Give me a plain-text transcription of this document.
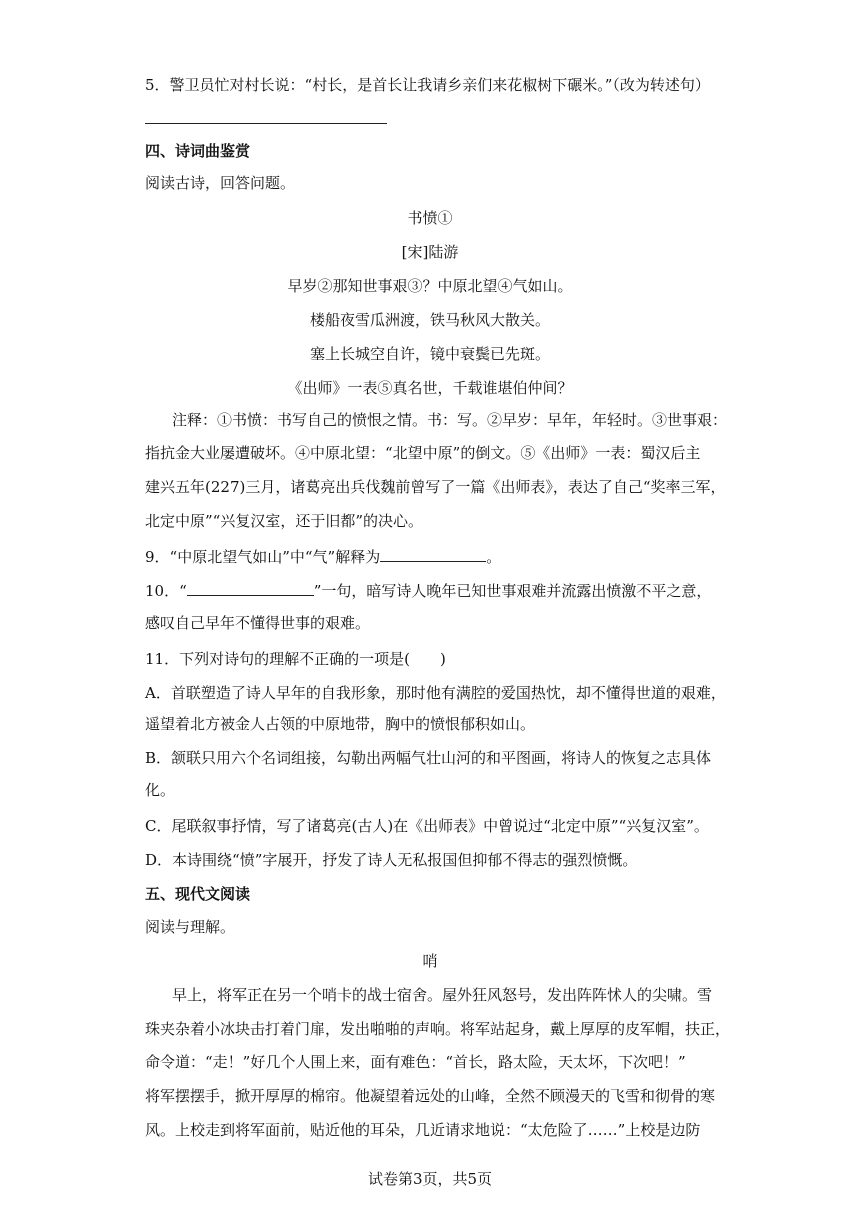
5．警卫员忙对村长说：“村长，是首长让我请乡亲们来花椒树下碾米。”（改为转述句）
四、诗词曲鉴赏
阅读古诗，回答问题。
书愤①
[宋]陆游
早岁②那知世事艰③？中原北望④气如山。
楼船夜雪瓜洲渡，铁马秋风大散关。
塞上长城空自许，镜中衰鬓已先斑。
《出师》一表⑤真名世，千载谁堪伯仲间？
注释：①书愤：书写自己的愤恨之情。书：写。②早岁：早年，年轻时。③世事艰：
指抗金大业屡遭破坏。④中原北望：“北望中原”的倒文。⑤《出师》一表：蜀汉后主
建兴五年(227)三月，诸葛亮出兵伐魏前曾写了一篇《出师表》，表达了自己“奖率三军，
北定中原”“兴复汉室，还于旧都”的决心。
9．“中原北望气如山”中“气”解释为	。
10．“	”一句，暗写诗人晚年已知世事艰难并流露出愤激不平之意，
感叹自己早年不懂得世事的艰难。
11．下列对诗句的理解不正确的一项是(　　)
A．首联塑造了诗人早年的自我形象，那时他有满腔的爱国热忱，却不懂得世道的艰难，
遥望着北方被金人占领的中原地带，胸中的愤恨郁积如山。
B．颔联只用六个名词组接，勾勒出两幅气壮山河的和平图画，将诗人的恢复之志具体
化。
C．尾联叙事抒情，写了诸葛亮(古人)在《出师表》中曾说过“北定中原”“兴复汉室”。
D．本诗围绕“愤”字展开，抒发了诗人无私报国但抑郁不得志的强烈愤慨。
五、现代文阅读
阅读与理解。
哨
早上，将军正在另一个哨卡的战士宿舍。屋外狂风怒号，发出阵阵怵人的尖啸。雪
珠夹杂着小冰块击打着门扉，发出啪啪的声响。将军站起身，戴上厚厚的皮军帽，扶正，
命令道：“走！”好几个人围上来，面有难色：“首长，路太险，天太坏，下次吧！”
将军摆摆手，掀开厚厚的棉帘。他凝望着远处的山峰，全然不顾漫天的飞雪和彻骨的寒
风。上校走到将军面前，贴近他的耳朵，几近请求地说：“太危险了……”上校是边防
试卷第3页，共5页
